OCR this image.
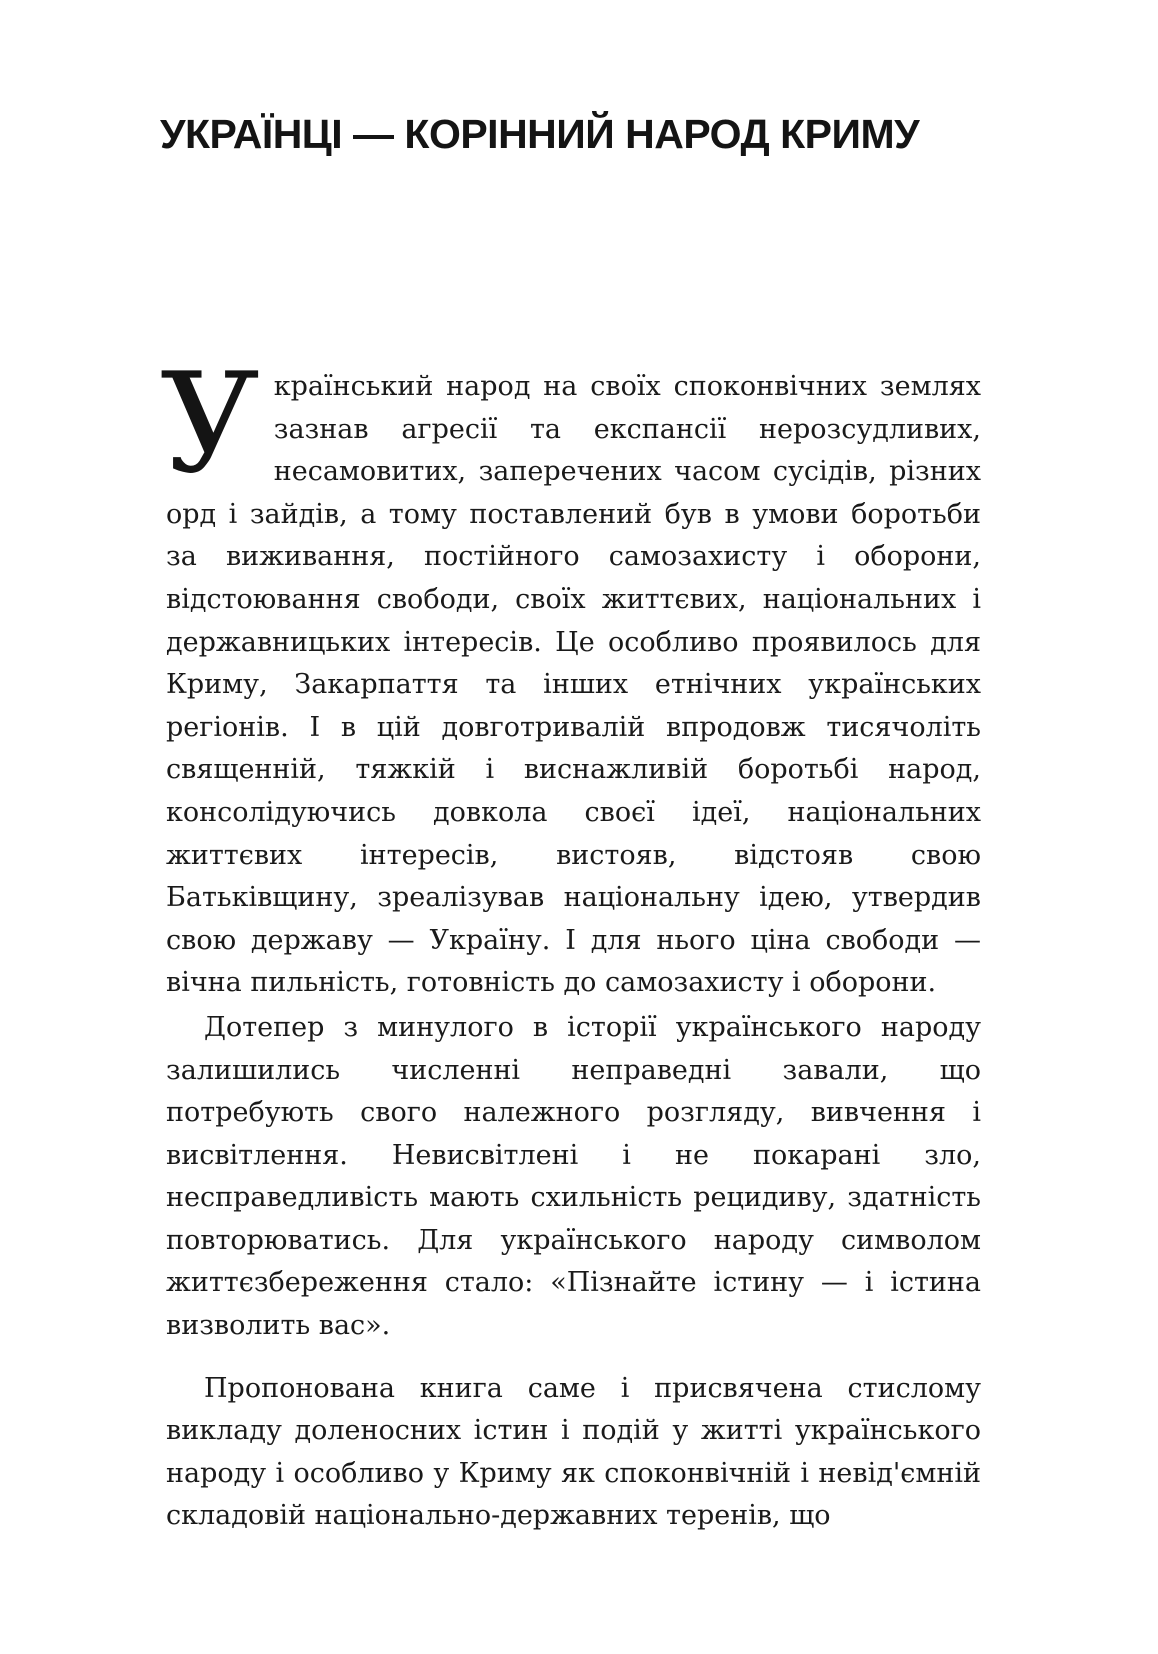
УКРАЇНЦІ — КОРІННИЙ НАРОД КРИМУ

Український народ на своїх споконвічних землях зазнав агресії та експансії нерозсудливих, несамовитих, заперечених часом сусідів, різних орд і зайдів, а тому поставлений був в умови боротьби за виживання, постійного самозахисту і оборони, відстоювання свободи, своїх життєвих, національних і державницьких інтересів. Це особливо проявилось для Криму, Закарпаття та інших етнічних українських регіонів. І в цій довготривалій впродовж тисячоліть священній, тяжкій і виснажливій боротьбі народ, консолідуючись довкола своєї ідеї, національних життєвих інтересів, вистояв, відстояв свою Батьківщину, зреалізував національну ідею, утвердив свою державу — Україну. І для нього ціна свободи — вічна пильність, готовність до самозахисту і оборони.

Дотепер з минулого в історії українського народу залишились численні неправедні завали, що потребують свого належного розгляду, вивчення і висвітлення. Невисвітлені і не покарані зло, несправедливість мають схильність рецидиву, здатність повторюватись. Для українського народу символом життєзбереження стало: «Пізнайте істину — і істина визволить вас».

Пропонована книга саме і присвячена стислому викладу доленосних істин і подій у житті українського народу і особливо у Криму як споконвічній і невід'ємній складовій національно-державних теренів, що
